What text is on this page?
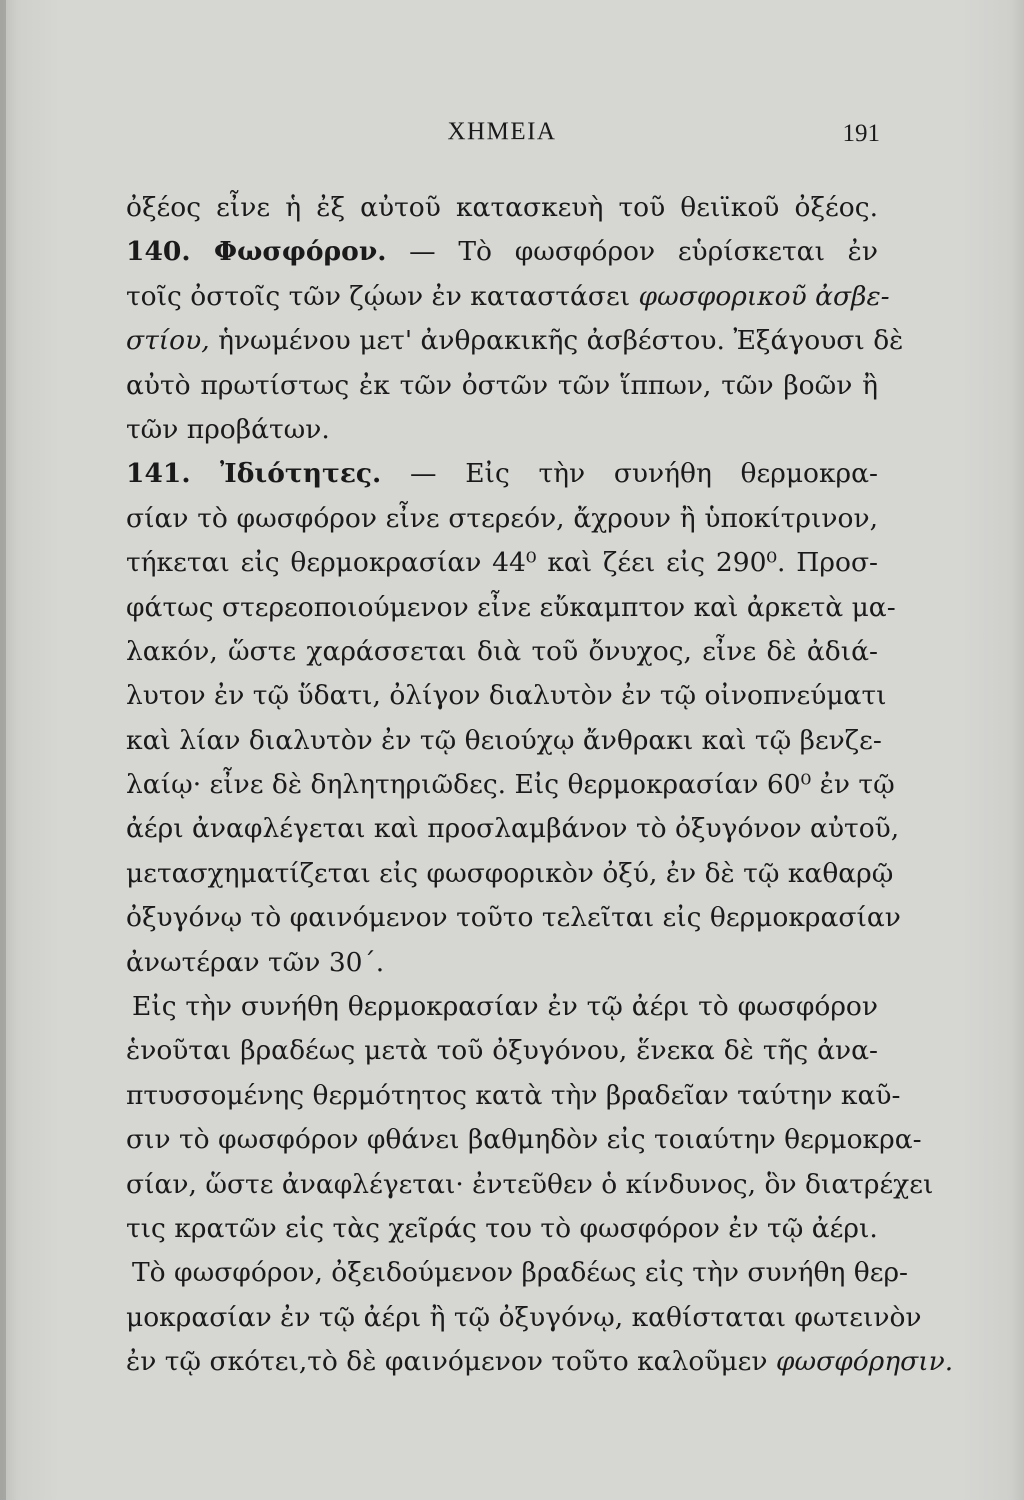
ΧΗΜΕΙΑ	191
ὀξέος εἶνε ἡ ἐξ αὐτοῦ κατασκευὴ τοῦ θειϊκοῦ ὀξέος.
140. Φωσφόρον. — Τὸ φωσφόρον εὑρίσκεται ἐν
τοῖς ὀστοῖς τῶν ζῴων ἐν καταστάσει φωσφορικοῦ ἀσβε-
στίου, ἡνωμένου μετ' ἀνθρακικῆς ἀσβέστου. Ἐξάγουσι δὲ
αὐτὸ πρωτίστως ἐκ τῶν ὀστῶν τῶν ἵππων, τῶν βοῶν ἢ
τῶν προβάτων.
141. Ἰδιότητες. — Εἰς τὴν συνήθη θερμοκρα-
σίαν τὸ φωσφόρον εἶνε στερεόν, ἄχρουν ἢ ὑποκίτρινον,
τήκεται εἰς θερμοκρασίαν 44⁰ καὶ ζέει εἰς 290⁰. Προσ-
φάτως στερεοποιούμενον εἶνε εὔκαμπτον καὶ ἀρκετὰ μα-
λακόν, ὥστε χαράσσεται διὰ τοῦ ὄνυχος, εἶνε δὲ ἀδιά-
λυτον ἐν τῷ ὕδατι, ὀλίγον διαλυτὸν ἐν τῷ οἰνοπνεύματι
καὶ λίαν διαλυτὸν ἐν τῷ θειούχῳ ἄνθρακι καὶ τῷ βενζε-
λαίῳ· εἶνε δὲ δηλητηριῶδες. Εἰς θερμοκρασίαν 60⁰ ἐν τῷ
ἀέρι ἀναφλέγεται καὶ προσλαμβάνον τὸ ὀξυγόνον αὐτοῦ,
μετασχηματίζεται εἰς φωσφορικὸν ὀξύ, ἐν δὲ τῷ καθαρῷ
ὀξυγόνῳ τὸ φαινόμενον τοῦτο τελεῖται εἰς θερμοκρασίαν
ἀνωτέραν τῶν 30΄.
Εἰς τὴν συνήθη θερμοκρασίαν ἐν τῷ ἀέρι τὸ φωσφόρον
ἑνοῦται βραδέως μετὰ τοῦ ὀξυγόνου, ἕνεκα δὲ τῆς ἀνα-
πτυσσομένης θερμότητος κατὰ τὴν βραδεῖαν ταύτην καῦ-
σιν τὸ φωσφόρον φθάνει βαθμηδὸν εἰς τοιαύτην θερμοκρα-
σίαν, ὥστε ἀναφλέγεται· ἐντεῦθεν ὁ κίνδυνος, ὃν διατρέχει
τις κρατῶν εἰς τὰς χεῖράς του τὸ φωσφόρον ἐν τῷ ἀέρι.
Τὸ φωσφόρον, ὀξειδούμενον βραδέως εἰς τὴν συνήθη θερ-
μοκρασίαν ἐν τῷ ἀέρι ἢ τῷ ὀξυγόνῳ, καθίσταται φωτεινὸν
ἐν τῷ σκότει,τὸ δὲ φαινόμενον τοῦτο καλοῦμεν φωσφόρησιν.
